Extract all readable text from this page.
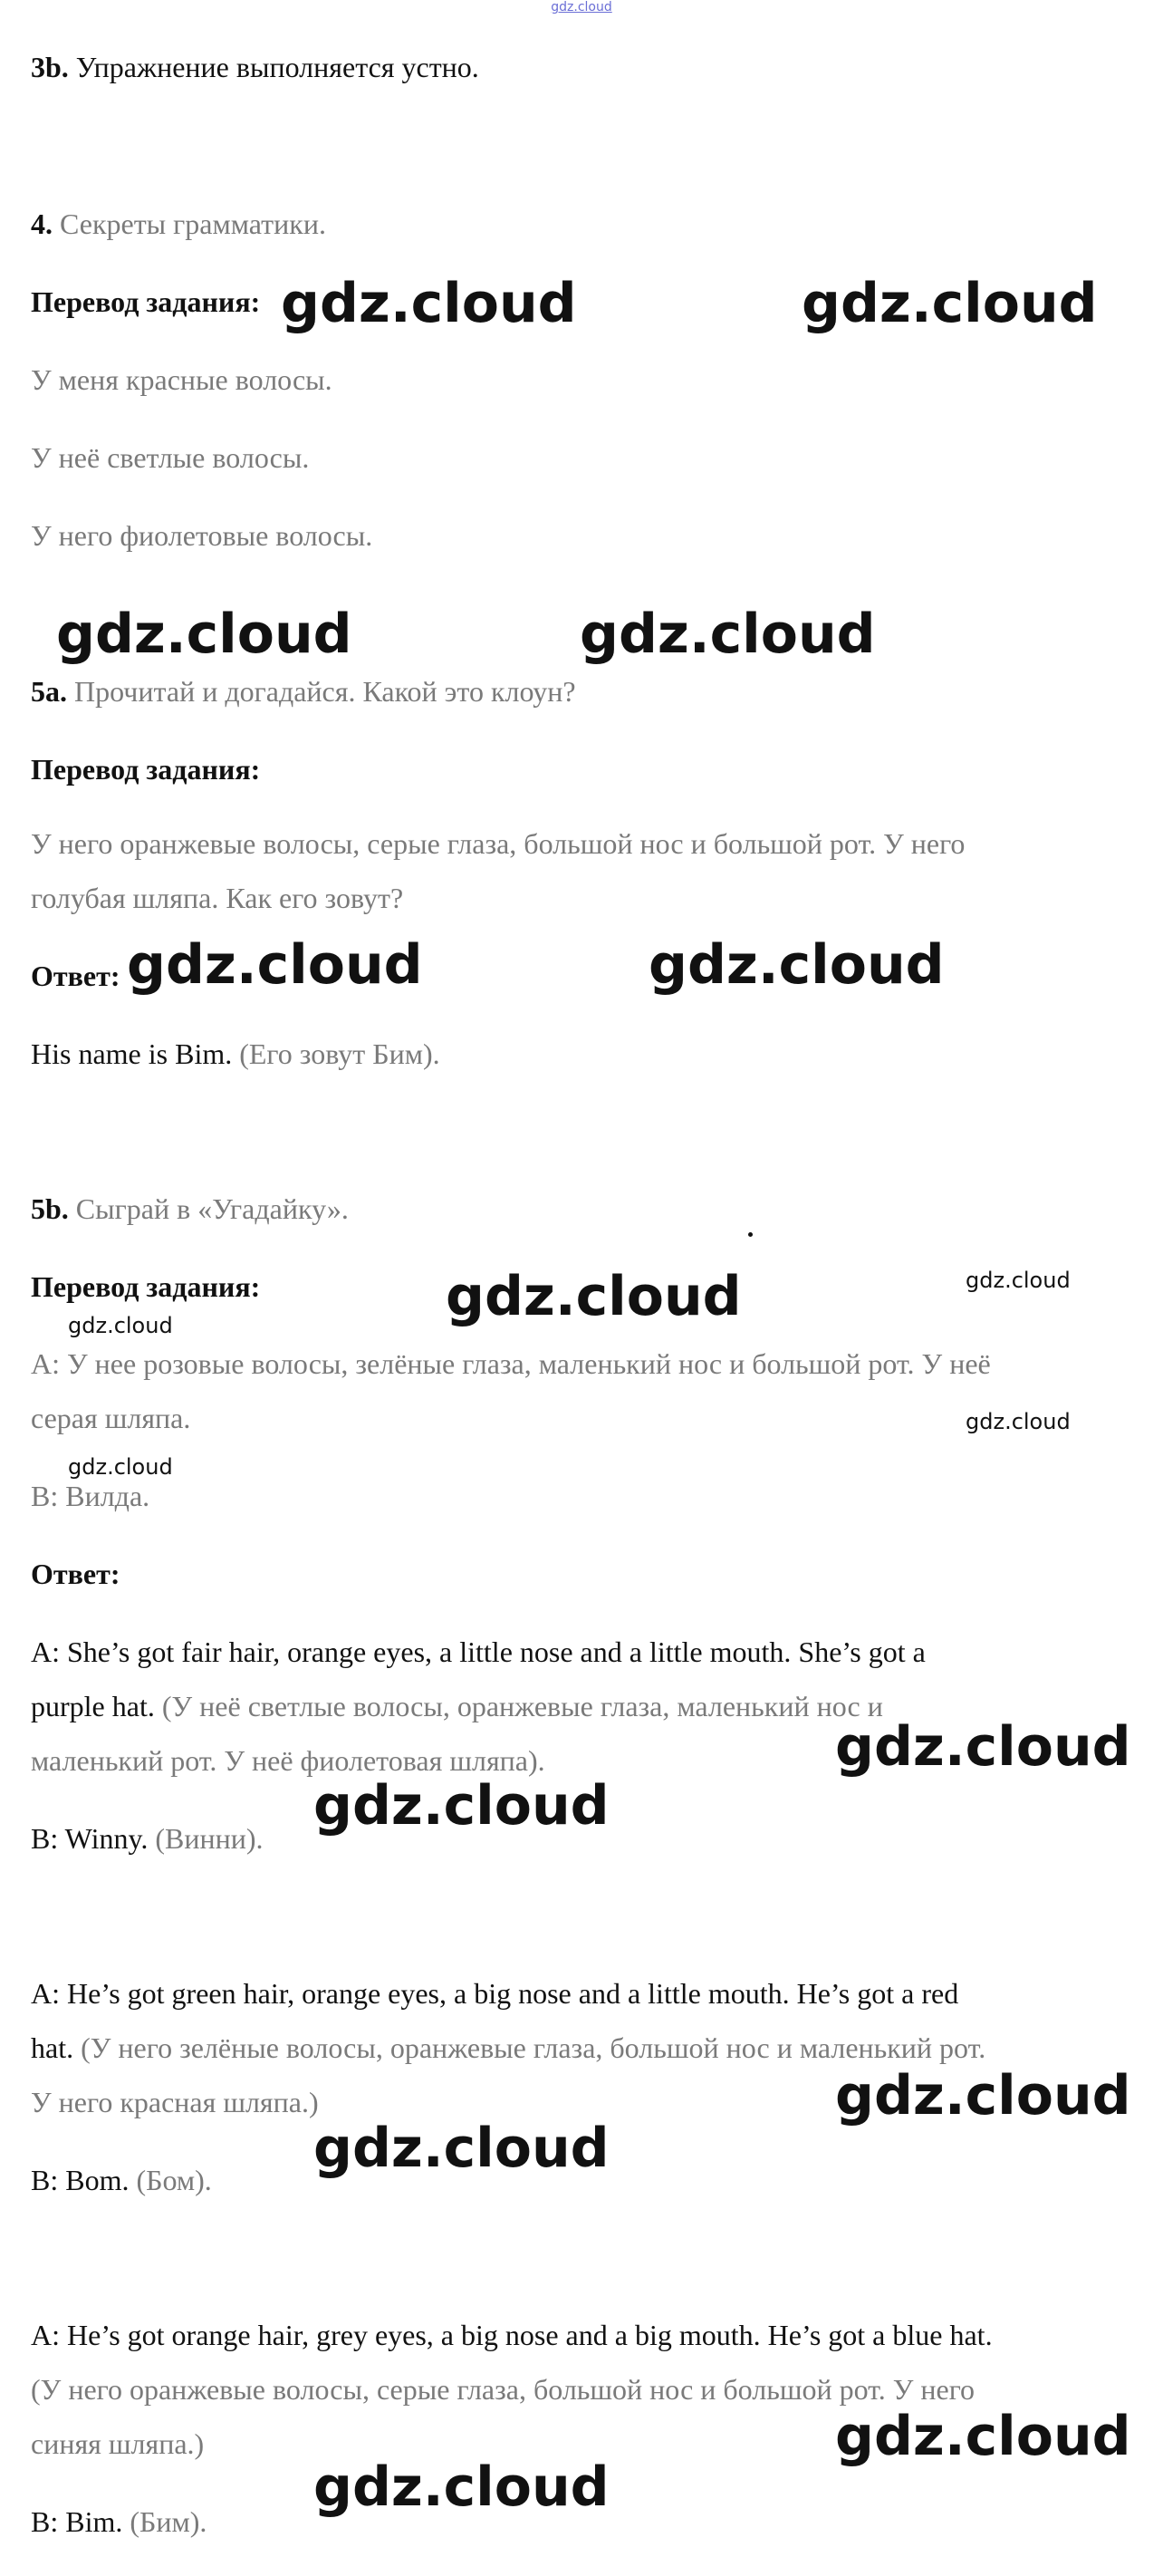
gdz.cloud
3b. Упражнение выполняется устно.
4. Секреты грамматики.
Перевод задания:
У меня красные волосы.
У неё светлые волосы.
У него фиолетовые волосы.
5a. Прочитай и догадайся. Какой это клоун?
Перевод задания:
У него оранжевые волосы, серые глаза, большой нос и большой рот. У него
голубая шляпа. Как его зовут?
Ответ:
His name is Bim. (Его зовут Бим).
5b. Сыграй в «Угадайку».
Перевод задания:
А: У нее розовые волосы, зелёные глаза, маленький нос и большой рот. У неё
серая шляпа.
В: Вилда.
Ответ:
A: She’s got fair hair, orange eyes, a little nose and a little mouth. She’s got a
purple hat. (У неё светлые волосы, оранжевые глаза, маленький нос и
маленький рот. У неё фиолетовая шляпа).
B: Winny. (Винни).
A: He’s got green hair, orange eyes, a big nose and a little mouth. He’s got a red
hat. (У него зелёные волосы, оранжевые глаза, большой нос и маленький рот.
У него красная шляпа.)
B: Bom. (Бом).
A: He’s got orange hair, grey eyes, a big nose and a big mouth. He’s got a blue hat.
(У него оранжевые волосы, серые глаза, большой нос и большой рот. У него
синяя шляпа.)
B: Bim. (Бим).
gdz.cloud	gdz.cloud
gdz.cloud	gdz.cloud
gdz.cloud	gdz.cloud
gdz.cloud	gdz.cloud
gdz.cloud
gdz.cloud
gdz.cloud
gdz.cloud
gdz.cloud
gdz.cloud
gdz.cloud
gdz.cloud
gdz.cloud
